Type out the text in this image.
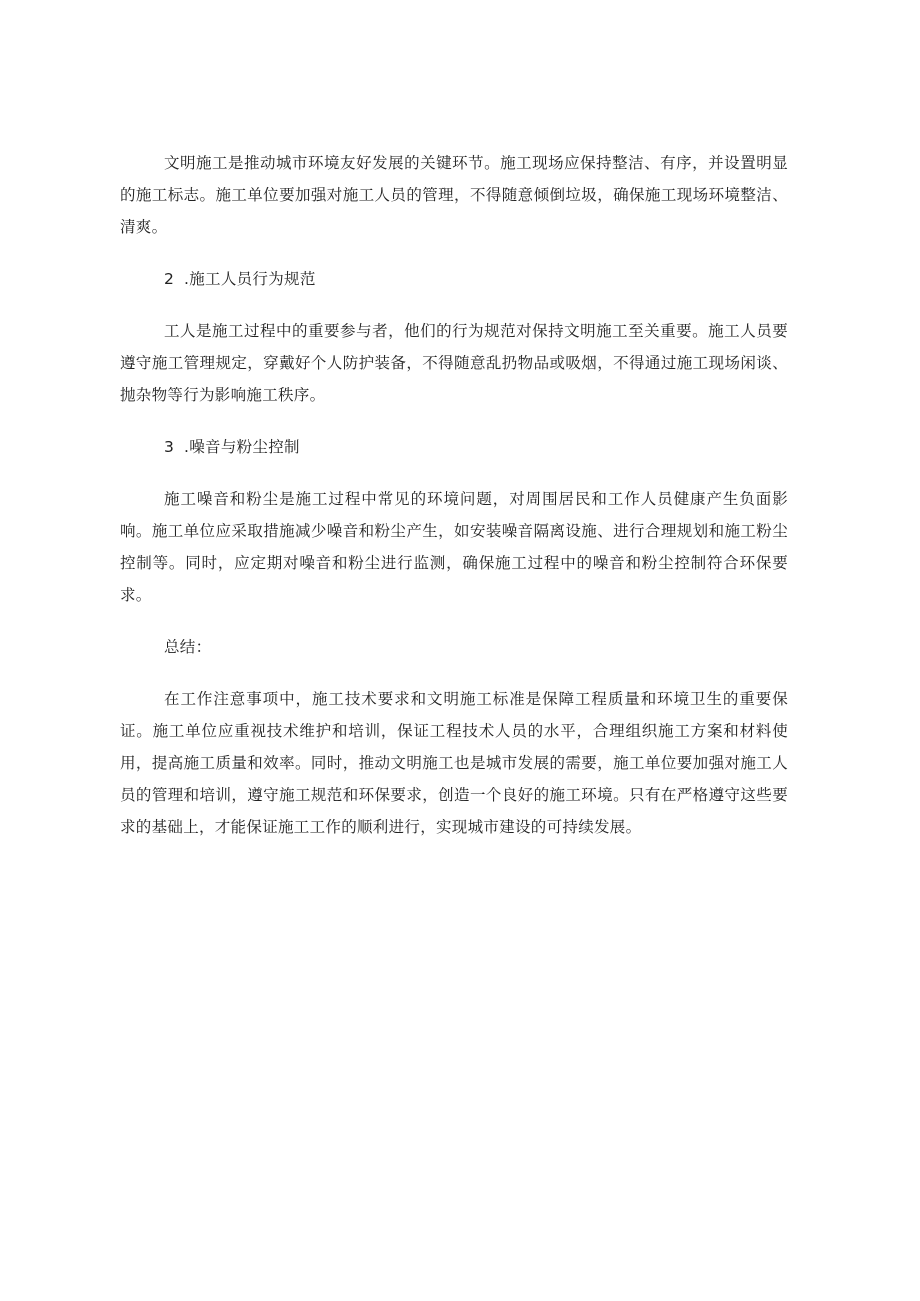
文明施工是推动城市环境友好发展的关键环节。施工现场应保持整洁、有序，并设置明显的施工标志。施工单位要加强对施工人员的管理，不得随意倾倒垃圾，确保施工现场环境整洁、清爽。

2 .施工人员行为规范

工人是施工过程中的重要参与者，他们的行为规范对保持文明施工至关重要。施工人员要遵守施工管理规定，穿戴好个人防护装备，不得随意乱扔物品或吸烟，不得通过施工现场闲谈、抛杂物等行为影响施工秩序。

3 .噪音与粉尘控制

施工噪音和粉尘是施工过程中常见的环境问题，对周围居民和工作人员健康产生负面影响。施工单位应采取措施减少噪音和粉尘产生，如安装噪音隔离设施、进行合理规划和施工粉尘控制等。同时，应定期对噪音和粉尘进行监测，确保施工过程中的噪音和粉尘控制符合环保要求。

总结：

在工作注意事项中，施工技术要求和文明施工标准是保障工程质量和环境卫生的重要保证。施工单位应重视技术维护和培训，保证工程技术人员的水平，合理组织施工方案和材料使用，提高施工质量和效率。同时，推动文明施工也是城市发展的需要，施工单位要加强对施工人员的管理和培训，遵守施工规范和环保要求，创造一个良好的施工环境。只有在严格遵守这些要求的基础上，才能保证施工工作的顺利进行，实现城市建设的可持续发展。
